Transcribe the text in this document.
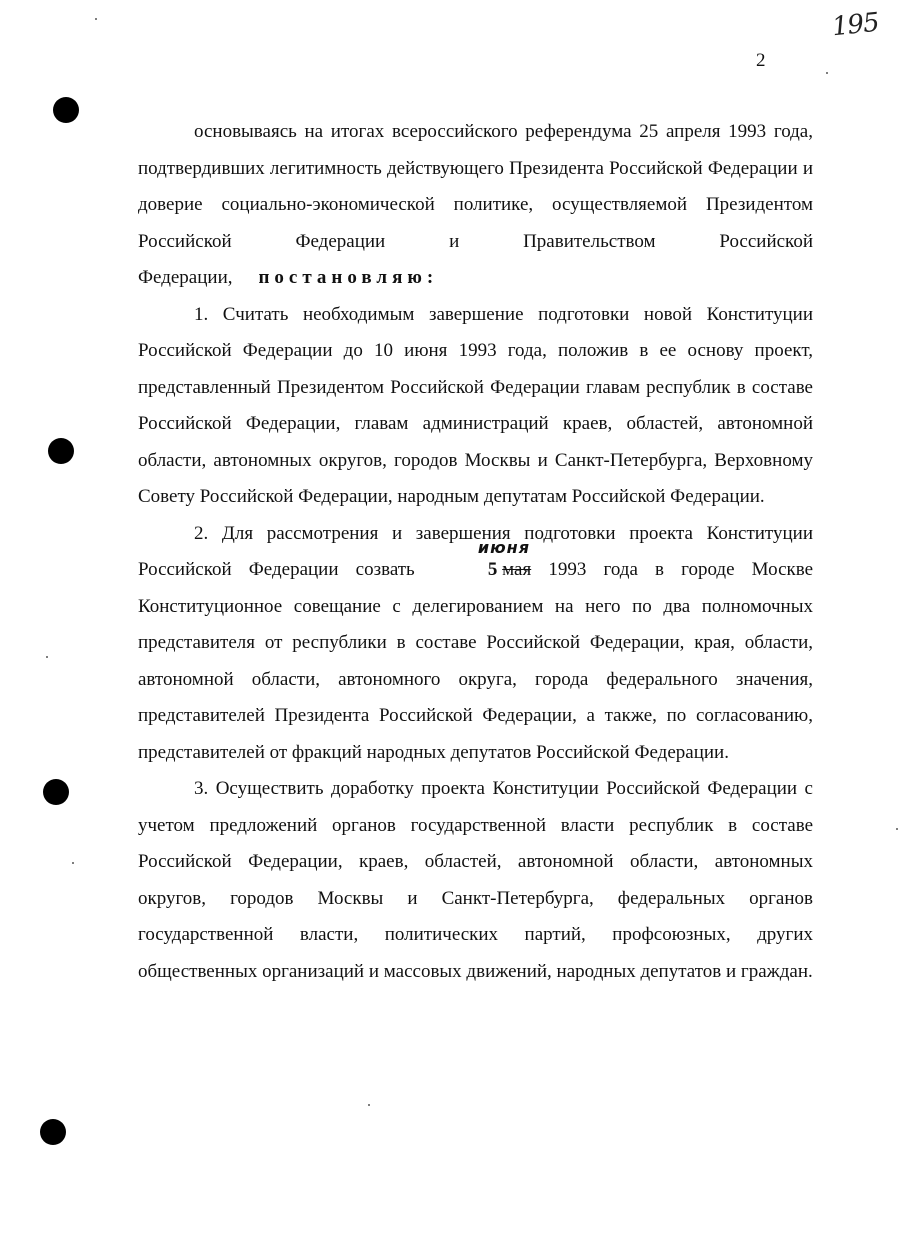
195
2

основываясь на итогах всероссийского референдума 25 апреля 1993 года, подтвердивших легитимность действующего Президента Российской Федерации и доверие социально-экономической политике, осуществляемой Президентом Российской Федерации и Правительством Российской Федерации, постановляю:

1. Считать необходимым завершение подготовки новой Конституции Российской Федерации до 10 июня 1993 года, положив в ее основу проект, представленный Президентом Российской Федерации главам республик в составе Российской Федерации, главам администраций краев, областей, автономной области, автономных округов, городов Москвы и Санкт-Петербурга, Верховному Совету Российской Федерации, народным депутатам Российской Федерации.

2. Для рассмотрения и завершения подготовки проекта Конституции Российской Федерации созвать
июня
5 мая 1993 года в городе Москве Конституционное совещание с делегированием на него по два полномочных представителя от республики в составе Российской Федерации, края, области, автономной области, автономного округа, города федерального значения, представителей Президента Российской Федерации, а также, по согласованию, представителей от фракций народных депутатов Российской Федерации.

3. Осуществить доработку проекта Конституции Российской Федерации с учетом предложений органов государственной власти республик в составе Российской Федерации, краев, областей, автономной области, автономных округов, городов Москвы и Санкт-Петербурга, федеральных органов государственной власти, политических партий, профсоюзных, других общественных организаций и массовых движений, народных депутатов и граждан.
